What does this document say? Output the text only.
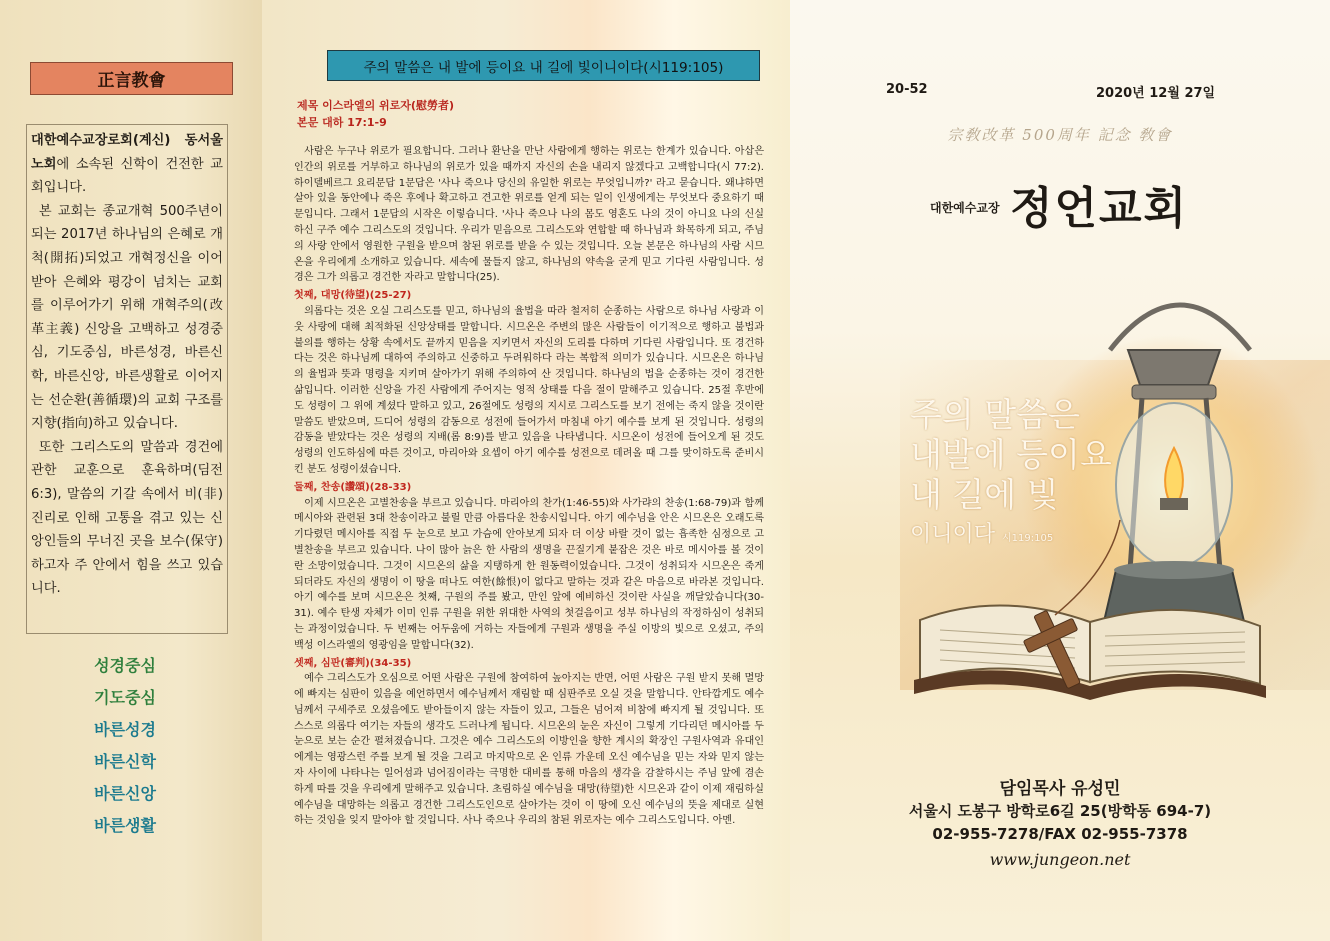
正言教會

대한예수교장로회(계신) 동서울 노회에 소속된 신학이 건전한 교회입니다.

본 교회는 종교개혁 500주년이 되는 2017년 하나님의 은혜로 개척(開拓)되었고 개혁정신을 이어받아 은혜와 평강이 넘치는 교회를 이루어가기 위해 개혁주의(改革主義) 신앙을 고백하고 성경중심, 기도중심, 바른성경, 바른신학, 바른신앙, 바른생활로 이어지는 선순환(善循環)의 교회 구조를 지향(指向)하고 있습니다.

또한 그리스도의 말씀과 경건에 관한 교훈으로 훈육하며(딤전 6:3), 말씀의 기갈 속에서 비(非) 진리로 인해 고통을 겪고 있는 신앙인들의 무너진 곳을 보수(保守)하고자 주 안에서 힘을 쓰고 있습니다.

성경중심
기도중심
바른성경
바른신학
바른신앙
바른생활
주의 말씀은 내 발에 등이요 내 길에 빛이니이다(시119:105)
제목 이스라엘의 위로자(慰勞者)
본문 대하 17:1-9

사람은 누구나 위로가 필요합니다. 그러나 환난을 만난 사람에게 행하는 위로는 한계가 있습니다. 아삽은 인간의 위로를 거부하고 하나님의 위로가 있을 때까지 자신의 손을 내리지 않겠다고 고백합니다(시 77:2). 하이델베르그 요리문답 1문답은 '사나 죽으나 당신의 유일한 위로는 무엇입니까?' 라고 묻습니다. 왜냐하면 살아 있을 동안에나 죽은 후에나 확고하고 견고한 위로를 얻게 되는 일이 인생에게는 무엇보다 중요하기 때문입니다. 그래서 1문답의 시작은 이렇습니다. '사나 죽으나 나의 몸도 영혼도 나의 것이 아니요 나의 신실하신 구주 예수 그리스도의 것입니다. 우리가 믿음으로 그리스도와 연합할 때 하나님과 화목하게 되고, 주님의 사랑 안에서 영원한 구원을 받으며 참된 위로를 받을 수 있는 것입니다. 오늘 본문은 하나님의 사람 시므온을 우리에게 소개하고 있습니다. 세속에 물들지 않고, 하나님의 약속을 굳게 믿고 기다린 사람입니다. 성경은 그가 의롭고 경건한 자라고 말합니다(25).

첫째, 대망(待望)(25-27)

의롭다는 것은 오실 그리스도를 믿고, 하나님의 율법을 따라 철저히 순종하는 사람으로 하나님 사랑과 이웃 사랑에 대해 최적화된 신앙상태를 말합니다. 시므온은 주변의 많은 사람들이 이기적으로 행하고 불법과 불의를 행하는 상황 속에서도 끝까지 믿음을 지키면서 자신의 도리를 다하며 기다린 사람입니다. 또 경건하다는 것은 하나님께 대하여 주의하고 신중하고 두려워하다 라는 복합적 의미가 있습니다. 시므온은 하나님의 율법과 뜻과 명령을 지키며 살아가기 위해 주의하여 산 것입니다. 하나님의 법을 순종하는 것이 경건한 삶입니다. 이러한 신앙을 가진 사람에게 주어지는 영적 상태를 다음 절이 말해주고 있습니다. 25절 후반에도 성령이 그 위에 계셨다 말하고 있고, 26절에도 성령의 지시로 그리스도를 보기 전에는 죽지 않을 것이란 말씀도 받았으며, 드디어 성령의 감동으로 성전에 들어가서 마침내 아기 예수를 보게 된 것입니다. 성령의 감동을 받았다는 것은 성령의 지배(롬 8:9)를 받고 있음을 나타냅니다. 시므온이 성전에 들어오게 된 것도 성령의 인도하심에 따른 것이고, 마리아와 요셉이 아기 예수를 성전으로 데려올 때 그를 맞이하도록 준비시킨 분도 성령이셨습니다.

둘째, 찬송(讚頌)(28-33)

이제 시므온은 고별찬송을 부르고 있습니다. 마리아의 찬가(1:46-55)와 사가랴의 찬송(1:68-79)과 함께 메시아와 관련된 3대 찬송이라고 불릴 만큼 아름다운 찬송시입니다. 아기 예수님을 안은 시므온은 오래도록 기다렸던 메시아를 직접 두 눈으로 보고 가슴에 안아보게 되자 더 이상 바랄 것이 없는 흡족한 심정으로 고별찬송을 부르고 있습니다. 나이 많아 늙은 한 사람의 생명을 끈질기게 붙잡은 것은 바로 메시아를 볼 것이란 소망이었습니다. 그것이 시므온의 삶을 지탱하게 한 원동력이었습니다. 그것이 성취되자 시므온은 죽게 되더라도 자신의 생명이 이 땅을 떠나도 여한(餘恨)이 없다고 말하는 것과 같은 마음으로 바라본 것입니다. 아기 예수를 보며 시므온은 첫째, 구원의 주를 봤고, 만인 앞에 예비하신 것이란 사실을 깨달았습니다(30-31). 예수 탄생 자체가 이미 인류 구원을 위한 위대한 사역의 첫걸음이고 성부 하나님의 작정하심이 성취되는 과정이었습니다. 두 번째는 어두움에 거하는 자들에게 구원과 생명을 주실 이방의 빛으로 오셨고, 주의 백성 이스라엘의 영광임을 말합니다(32).

셋째, 심판(審判)(34-35)

예수 그리스도가 오심으로 어떤 사람은 구원에 참여하여 높아지는 반면, 어떤 사람은 구원 받지 못해 멸망에 빠지는 심판이 있음을 예언하면서 예수님께서 재림할 때 심판주로 오실 것을 말합니다. 안타깝게도 예수님께서 구세주로 오셨음에도 받아들이지 않는 자들이 있고, 그들은 넘어져 비참에 빠지게 될 것입니다. 또 스스로 의롭다 여기는 자들의 생각도 드러나게 됩니다. 시므온의 눈은 자신이 그렇게 기다리던 메시아를 두 눈으로 보는 순간 펼쳐졌습니다. 그것은 예수 그리스도의 이방인을 향한 계시의 확장인 구원사역과 유대인에게는 영광스런 주를 보게 될 것을 그리고 마지막으로 온 인류 가운데 오신 예수님을 믿는 자와 믿지 않는 자 사이에 나타나는 일어섬과 넘어짐이라는 극명한 대비를 통해 마음의 생각을 감찰하시는 주님 앞에 겸손하게 따를 것을 우리에게 말해주고 있습니다. 초림하실 예수님을 대망(待望)한 시므온과 같이 이제 재림하실 예수님을 대망하는 의롭고 경건한 그리스도인으로 살아가는 것이 이 땅에 오신 예수님의 뜻을 제대로 실현하는 것임을 잊지 말아야 할 것입니다. 사나 죽으나 우리의 참된 위로자는 예수 그리스도입니다. 아멘.

20-52	2020년 12월 27일
宗敎改革 500周年 記念 敎會
대한예수교장 정언교회
주의 말씀은
내발에 등이요
내 길에 빛
이니이다 시119:105
담임목사 유성민
서울시 도봉구 방학로6길 25(방학동 694-7)
02-955-7278/FAX 02-955-7378
www.jungeon.net
